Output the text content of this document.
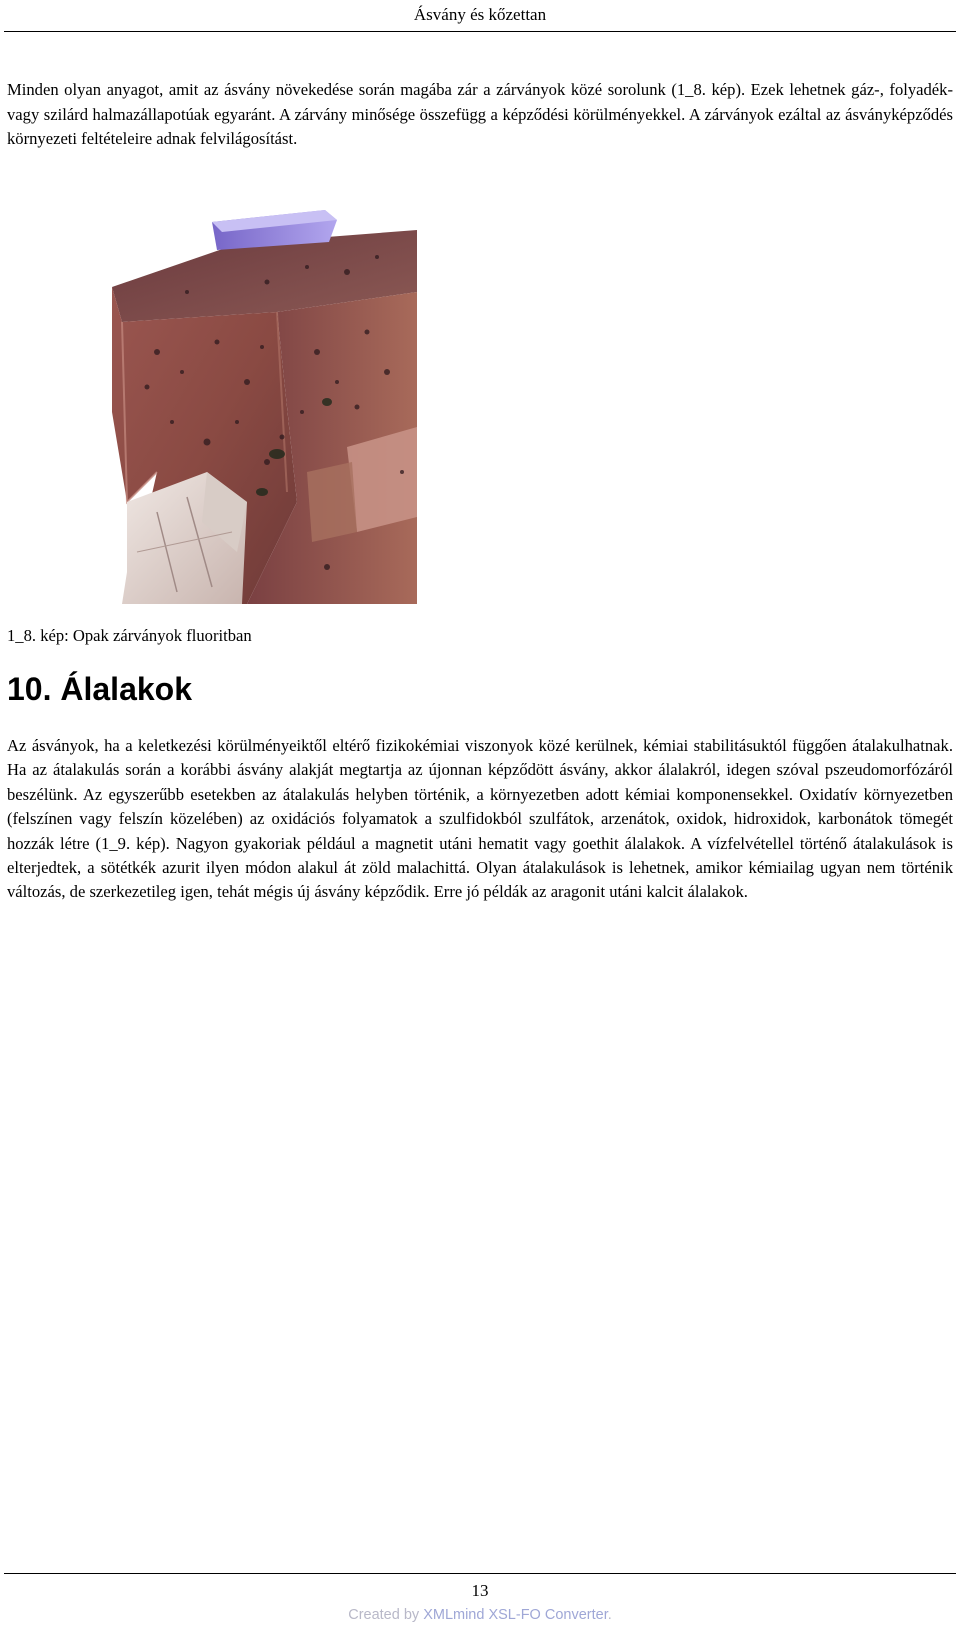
Ásvány és kőzettan

Minden olyan anyagot, amit az ásvány növekedése során magába zár a zárványok közé sorolunk (1_8. kép). Ezek lehetnek gáz-, folyadék- vagy szilárd halmazállapotúak egyaránt. A zárvány minősége összefügg a képződési körülményekkel. A zárványok ezáltal az ásványképződés környezeti feltételeire adnak felvilágosítást.

1_8. kép: Opak zárványok fluoritban

10. Álalakok

Az ásványok, ha a keletkezési körülményeiktől eltérő fizikokémiai viszonyok közé kerülnek, kémiai stabilitásuktól függően átalakulhatnak. Ha az átalakulás során a korábbi ásvány alakját megtartja az újonnan képződött ásvány, akkor álalakról, idegen szóval pszeudomorfózáról beszélünk. Az egyszerűbb esetekben az átalakulás helyben történik, a környezetben adott kémiai komponensekkel. Oxidatív környezetben (felszínen vagy felszín közelében) az oxidációs folyamatok a szulfidokból szulfátok, arzenátok, oxidok, hidroxidok, karbonátok tömegét hozzák létre (1_9. kép). Nagyon gyakoriak például a magnetit utáni hematit vagy goethit álalakok. A vízfelvétellel történő átalakulások is elterjedtek, a sötétkék azurit ilyen módon alakul át zöld malachittá. Olyan átalakulások is lehetnek, amikor kémiailag ugyan nem történik változás, de szerkezetileg igen, tehát mégis új ásvány képződik. Erre jó példák az aragonit utáni kalcit álalakok.

13
Created by XMLmind XSL-FO Converter.
